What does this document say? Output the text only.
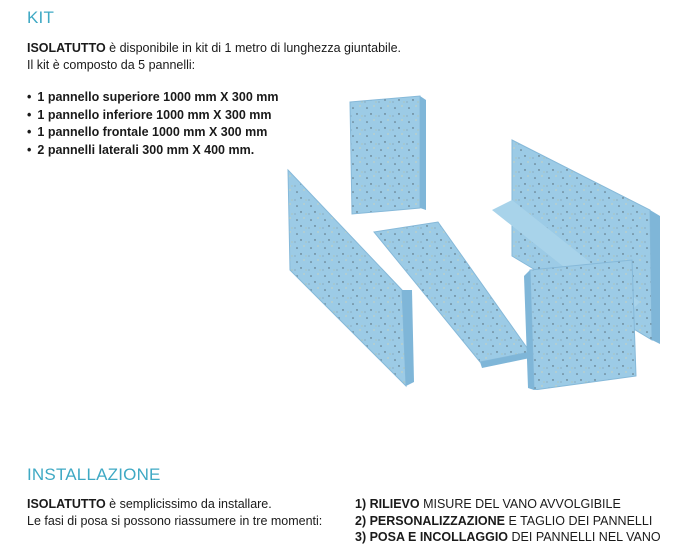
KIT
ISOLATUTTO è disponibile in kit di 1 metro di lunghezza giuntabile.
Il kit è composto da 5 pannelli:
• 1 pannello superiore 1000 mm X 300 mm
• 1 pannello inferiore 1000 mm X 300 mm
• 1 pannello frontale 1000 mm X 300 mm
• 2 pannelli laterali 300 mm X 400 mm.
INSTALLAZIONE
ISOLATUTTO è semplicissimo da installare.
Le fasi di posa si possono riassumere in tre momenti:
1) RILIEVO MISURE DEL VANO AVVOLGIBILE
2) PERSONALIZZAZIONE E TAGLIO DEI PANNELLI
3) POSA E INCOLLAGGIO DEI PANNELLI NEL VANO
